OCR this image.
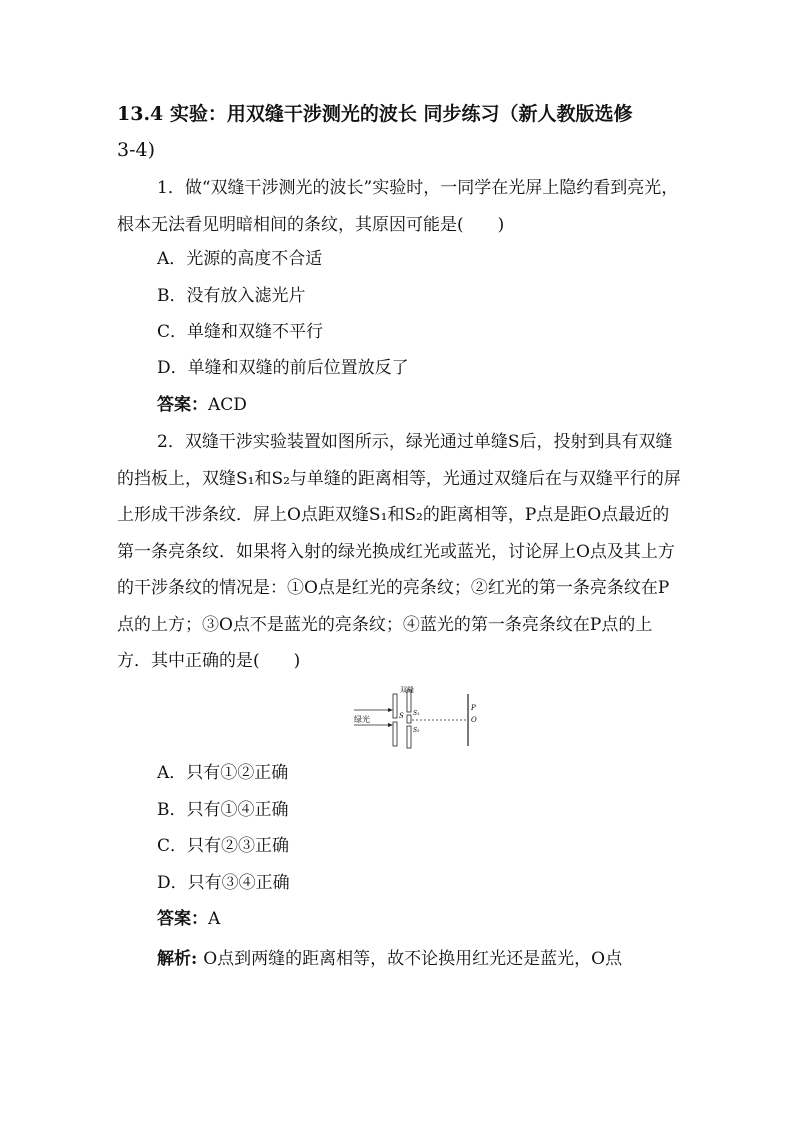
13.4 实验：用双缝干涉测光的波长 同步练习（新人教版选修
3-4)
1．做“双缝干涉测光的波长”实验时，一同学在光屏上隐约看到亮光，根本无法看见明暗相间的条纹，其原因可能是(　　)
A．光源的高度不合适
B．没有放入滤光片
C．单缝和双缝不平行
D．单缝和双缝的前后位置放反了
答案：ACD
2．双缝干涉实验装置如图所示，绿光通过单缝S后，投射到具有双缝的挡板上，双缝S₁和S₂与单缝的距离相等，光通过双缝后在与双缝平行的屏上形成干涉条纹．屏上O点距双缝S₁和S₂的距离相等，P点是距O点最近的第一条亮条纹．如果将入射的绿光换成红光或蓝光，讨论屏上O点及其上方的干涉条纹的情况是：①O点是红光的亮条纹；②红光的第一条亮条纹在P点的上方；③O点不是蓝光的亮条纹；④蓝光的第一条亮条纹在P点的上方．其中正确的是(　　)
绿光	S
双缝
S₁
S₂
P
O
A．只有①②正确
B．只有①④正确
C．只有②③正确
D．只有③④正确
答案：A
解析: O点到两缝的距离相等，故不论换用红光还是蓝光，O点
